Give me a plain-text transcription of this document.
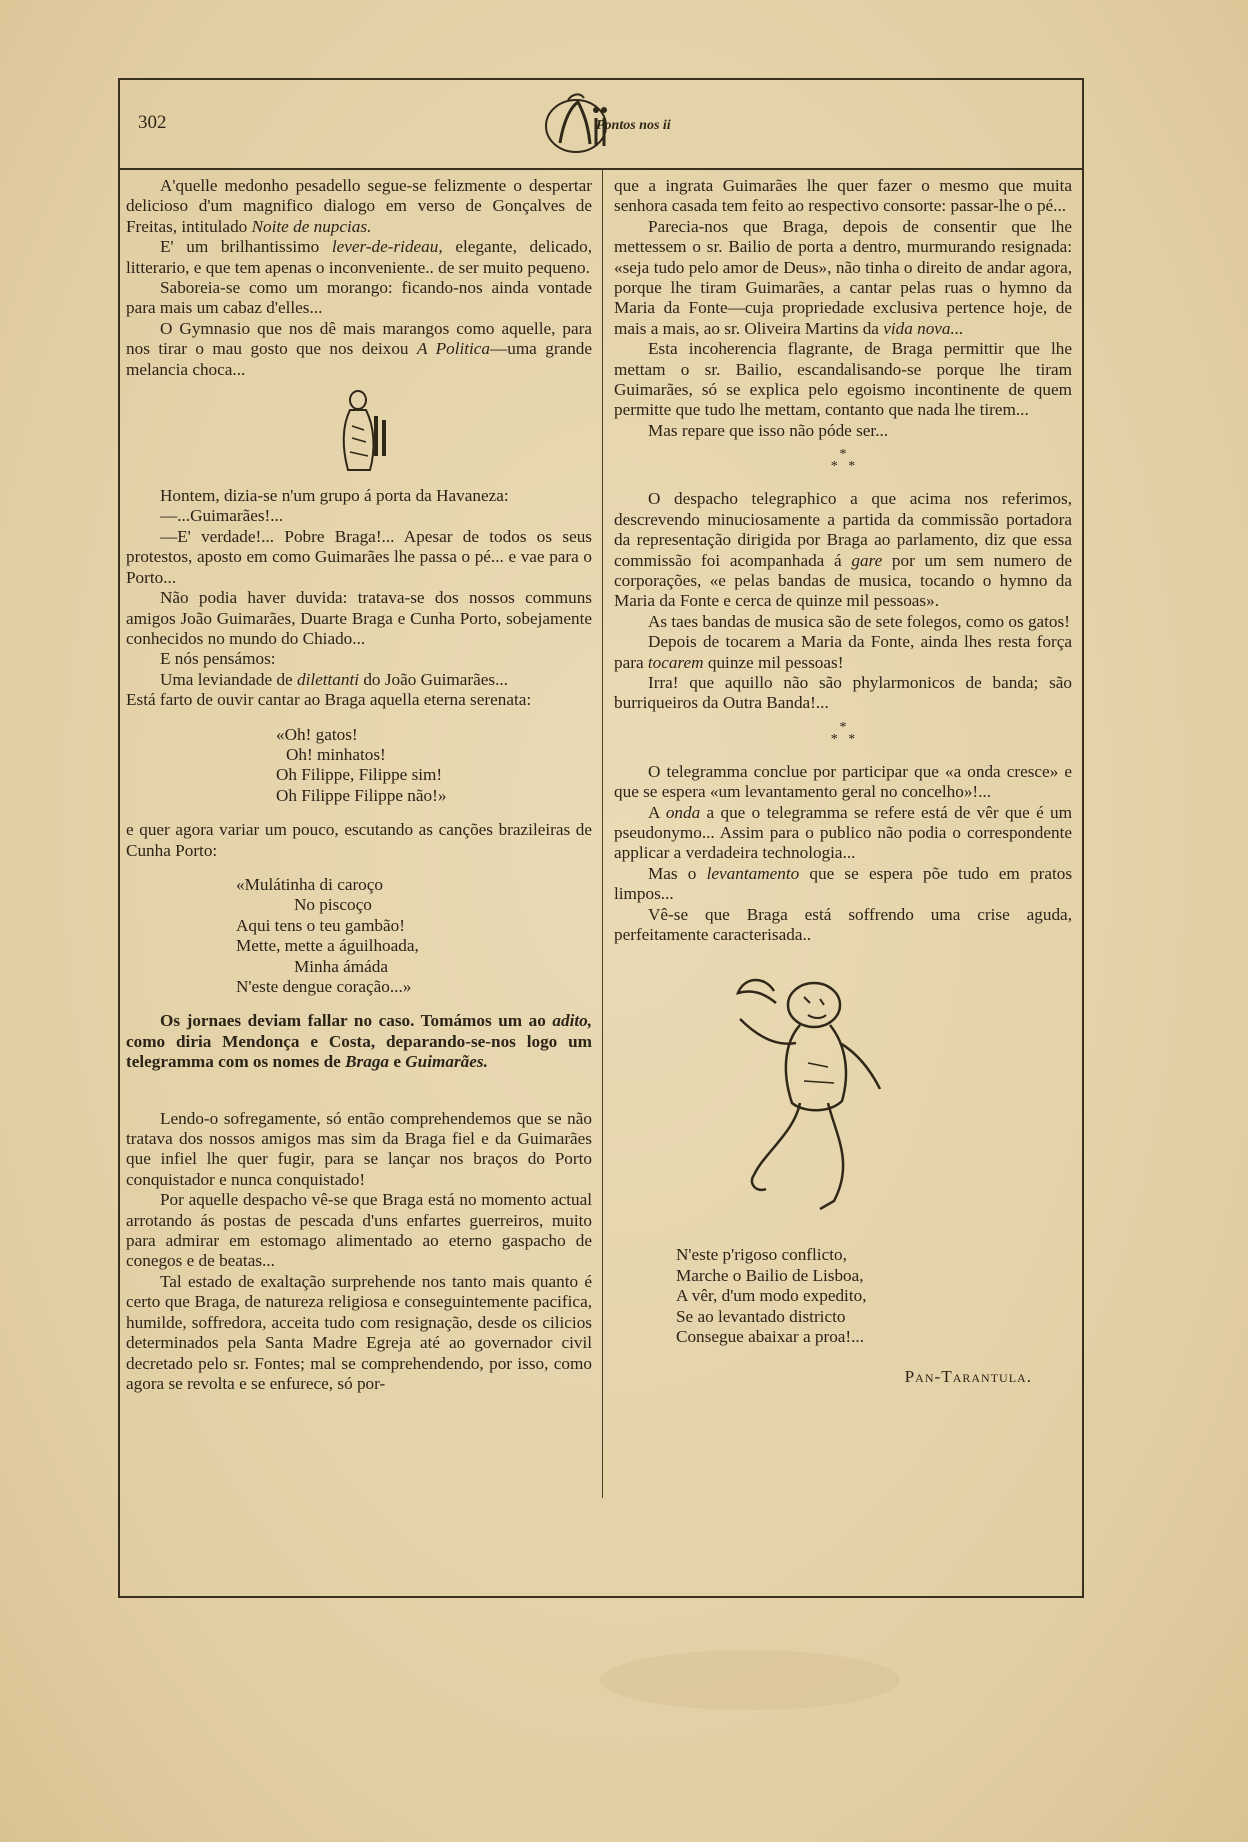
302	Pontos nos ii

A'quelle medonho pesadello segue-se felizmente o despertar delicioso d'um magnifico dialogo em verso de Gonçalves de Freitas, intitulado Noite de nupcias.

E' um brilhantissimo lever-de-rideau, elegante, delicado, litterario, e que tem apenas o inconveniente.. de ser muito pequeno.

Saboreia-se como um morango: ficando-nos ainda vontade para mais um cabaz d'elles...

O Gymnasio que nos dê mais marangos como aquelle, para nos tirar o mau gosto que nos deixou A Politica—uma grande melancia choca...

Hontem, dizia-se n'um grupo á porta da Havaneza:

—...Guimarães!...

—E' verdade!... Pobre Braga!... Apesar de todos os seus protestos, aposto em como Guimarães lhe passa o pé... e vae para o Porto...

Não podia haver duvida: tratava-se dos nossos communs amigos João Guimarães, Duarte Braga e Cunha Porto, sobejamente conhecidos no mundo do Chiado...

E nós pensámos:

Uma leviandade de dilettanti do João Guimarães...

Está farto de ouvir cantar ao Braga aquella eterna serenata:

«Oh! gatos!
Oh! minhatos!
Oh Filippe, Filippe sim!
Oh Filippe Filippe não!»

e quer agora variar um pouco, escutando as canções brazileiras de Cunha Porto:

«Mulátinha di caroço
No piscoço
Aqui tens o teu gambão!
Mette, mette a águilhoada,
Minha ámáda
N'este dengue coração...»

Os jornaes deviam fallar no caso. Tomámos um ao adito, como diria Mendonça e Costa, deparando-se-nos logo um telegramma com os nomes de Braga e Guimarães.

Lendo-o sofregamente, só então comprehendemos que se não tratava dos nossos amigos mas sim da Braga fiel e da Guimarães que infiel lhe quer fugir, para se lançar nos braços do Porto conquistador e nunca conquistado!

Por aquelle despacho vê-se que Braga está no momento actual arrotando ás postas de pescada d'uns enfartes guerreiros, muito para admirar em estomago alimentado ao eterno gaspacho de conegos e de beatas...

Tal estado de exaltação surprehende nos tanto mais quanto é certo que Braga, de natureza religiosa e conseguintemente pacifica, humilde, soffredora, acceita tudo com resignação, desde os cilicios determinados pela Santa Madre Egreja até ao governador civil decretado pelo sr. Fontes; mal se comprehendendo, por isso, como agora se revolta e se enfurece, só por-

que a ingrata Guimarães lhe quer fazer o mesmo que muita senhora casada tem feito ao respectivo consorte: passar-lhe o pé...

Parecia-nos que Braga, depois de consentir que lhe mettessem o sr. Bailio de porta a dentro, murmurando resignada: «seja tudo pelo amor de Deus», não tinha o direito de andar agora, porque lhe tiram Guimarães, a cantar pelas ruas o hymno da Maria da Fonte—cuja propriedade exclusiva pertence hoje, de mais a mais, ao sr. Oliveira Martins da vida nova...

Esta incoherencia flagrante, de Braga permittir que lhe mettam o sr. Bailio, escandalisando-se porque lhe tiram Guimarães, só se explica pelo egoismo incontinente de quem permitte que tudo lhe mettam, contanto que nada lhe tirem...

Mas repare que isso não póde ser...

*
*   *

O despacho telegraphico a que acima nos referimos, descrevendo minuciosamente a partida da commissão portadora da representação dirigida por Braga ao parlamento, diz que essa commissão foi acompanhada á gare por um sem numero de corporações, «e pelas bandas de musica, tocando o hymno da Maria da Fonte e cerca de quinze mil pessoas».

As taes bandas de musica são de sete folegos, como os gatos!

Depois de tocarem a Maria da Fonte, ainda lhes resta força para tocarem quinze mil pessoas!

Irra! que aquillo não são phylarmonicos de banda; são burriqueiros da Outra Banda!...

*
*   *

O telegramma conclue por participar que «a onda cresce» e que se espera «um levantamento geral no concelho»!...

A onda a que o telegramma se refere está de vêr que é um pseudonymo... Assim para o publico não podia o correspondente applicar a verdadeira technologia...

Mas o levantamento que se espera põe tudo em pratos limpos...

Vê-se que Braga está soffrendo uma crise aguda, perfeitamente caracterisada..

N'este p'rigoso conflicto,
Marche o Bailio de Lisboa,
A vêr, d'um modo expedito,
Se ao levantado districto
Consegue abaixar a proa!...
Pan-Tarantula.
